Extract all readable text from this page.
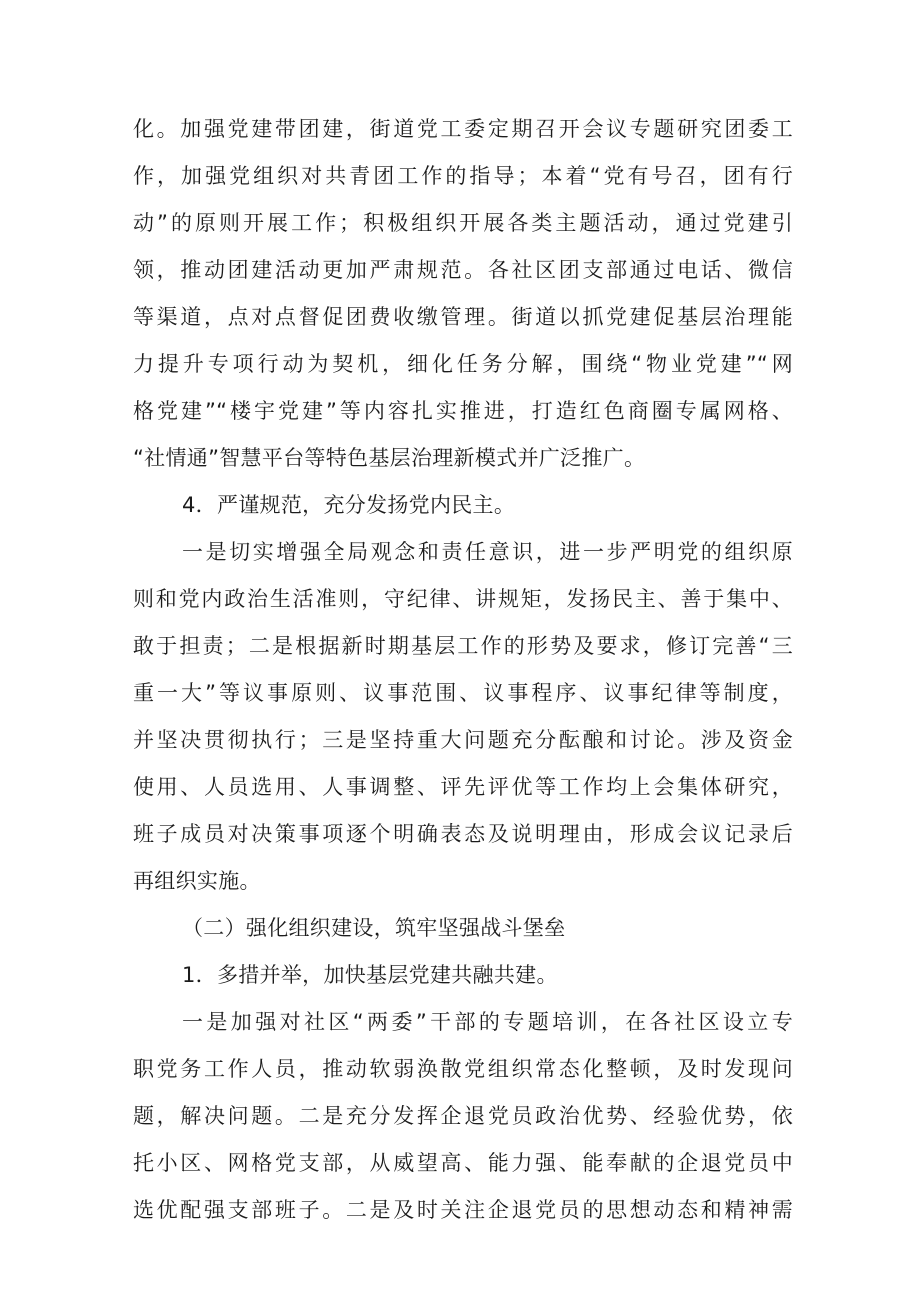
化。加强党建带团建，街道党工委定期召开会议专题研究团委工
作，加强党组织对共青团工作的指导；本着“党有号召，团有行
动”的原则开展工作；积极组织开展各类主题活动，通过党建引
领，推动团建活动更加严肃规范。各社区团支部通过电话、微信
等渠道，点对点督促团费收缴管理。街道以抓党建促基层治理能
力提升专项行动为契机，细化任务分解，围绕“物业党建”“网
格党建”“楼宇党建”等内容扎实推进，打造红色商圈专属网格、
“社情通”智慧平台等特色基层治理新模式并广泛推广。
4．严谨规范，充分发扬党内民主。
一是切实增强全局观念和责任意识，进一步严明党的组织原
则和党内政治生活准则，守纪律、讲规矩，发扬民主、善于集中、
敢于担责；二是根据新时期基层工作的形势及要求，修订完善“三
重一大”等议事原则、议事范围、议事程序、议事纪律等制度，
并坚决贯彻执行；三是坚持重大问题充分酝酿和讨论。涉及资金
使用、人员选用、人事调整、评先评优等工作均上会集体研究，
班子成员对决策事项逐个明确表态及说明理由，形成会议记录后
再组织实施。
（二）强化组织建设，筑牢坚强战斗堡垒
1．多措并举，加快基层党建共融共建。
一是加强对社区“两委”干部的专题培训，在各社区设立专
职党务工作人员，推动软弱涣散党组织常态化整顿，及时发现问
题，解决问题。二是充分发挥企退党员政治优势、经验优势，依
托小区、网格党支部，从威望高、能力强、能奉献的企退党员中
选优配强支部班子。二是及时关注企退党员的思想动态和精神需
